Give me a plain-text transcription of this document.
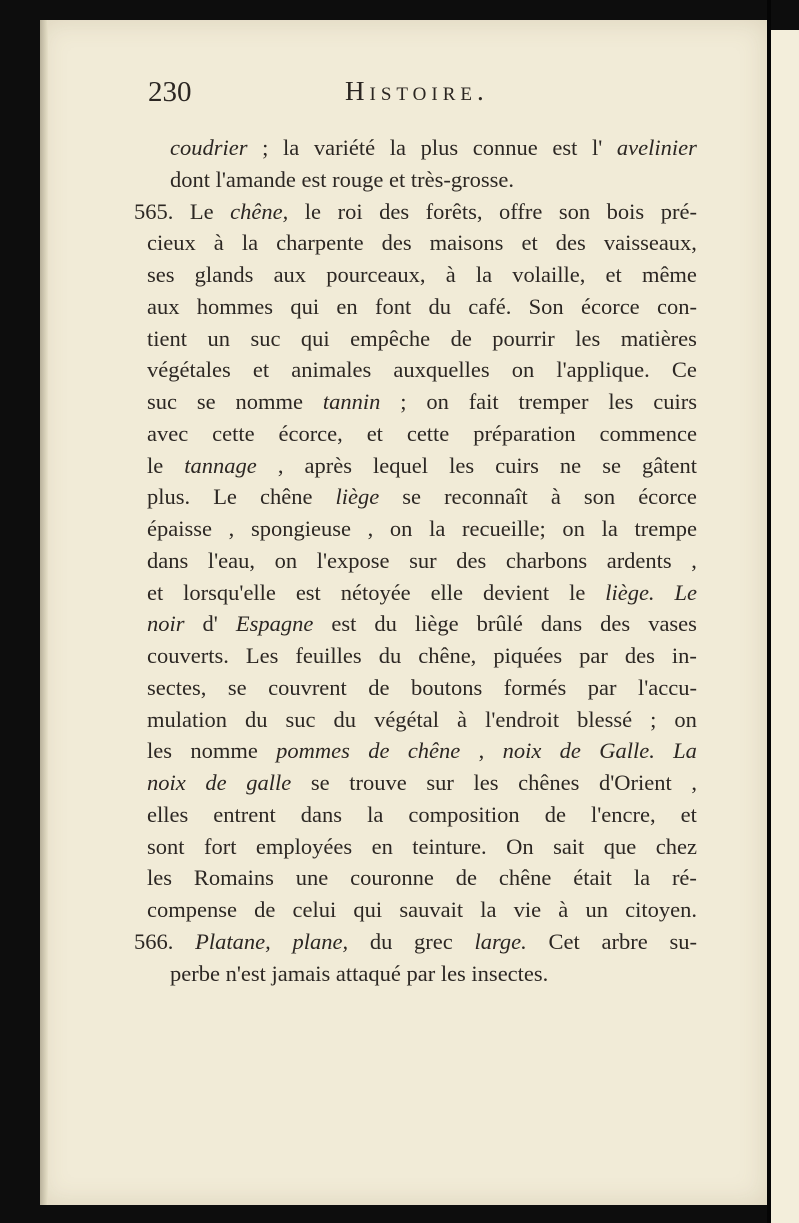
230	Histoire.
coudrier ; la variété la plus connue est l' avelinier
dont l'amande est rouge et très-grosse.
565. Le chêne, le roi des forêts, offre son bois pré-
cieux à la charpente des maisons et des vaisseaux,
ses glands aux pourceaux, à la volaille, et même
aux hommes qui en font du café. Son écorce con-
tient un suc qui empêche de pourrir les matières
végétales et animales auxquelles on l'applique. Ce
suc se nomme tannin ; on fait tremper les cuirs
avec cette écorce, et cette préparation commence
le tannage , après lequel les cuirs ne se gâtent
plus. Le chêne liège se reconnaît à son écorce
épaisse , spongieuse , on la recueille; on la trempe
dans l'eau, on l'expose sur des charbons ardents ,
et lorsqu'elle est nétoyée elle devient le liège. Le
noir d' Espagne est du liège brûlé dans des vases
couverts. Les feuilles du chêne, piquées par des in-
sectes, se couvrent de boutons formés par l'accu-
mulation du suc du végétal à l'endroit blessé ; on
les nomme pommes de chêne , noix de Galle. La
noix de galle se trouve sur les chênes d'Orient ,
elles entrent dans la composition de l'encre, et
sont fort employées en teinture. On sait que chez
les Romains une couronne de chêne était la ré-
compense de celui qui sauvait la vie à un citoyen.
566. Platane, plane, du grec large. Cet arbre su-
perbe n'est jamais attaqué par les insectes.
